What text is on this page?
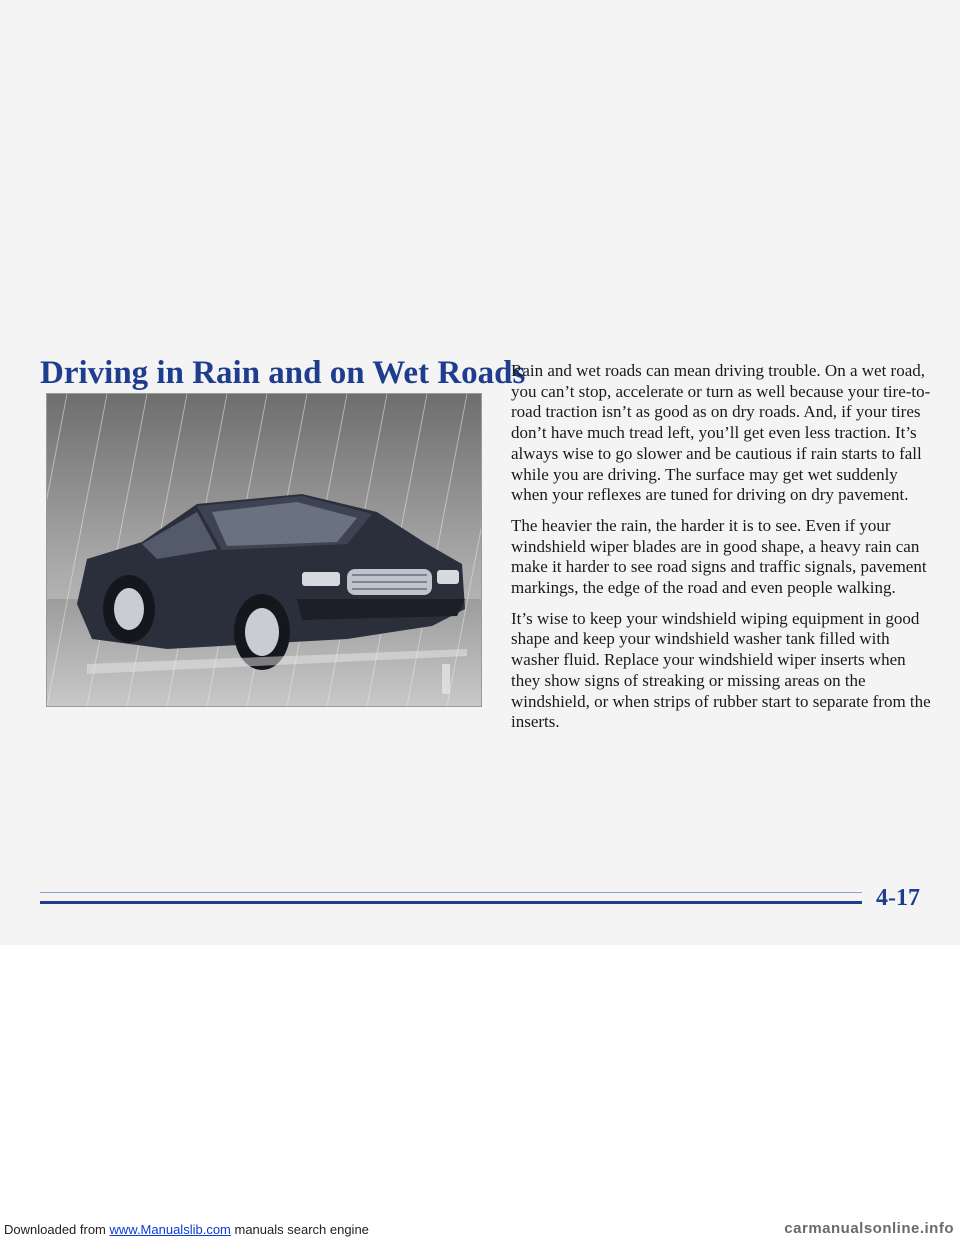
Driving in Rain and on Wet Roads

Rain and wet roads can mean driving trouble. On a wet road, you can’t stop, accelerate or turn as well because your tire-to-road traction isn’t as good as on dry roads. And, if your tires don’t have much tread left, you’ll get even less traction. It’s always wise to go slower and be cautious if rain starts to fall while you are driving. The surface may get wet suddenly when your reflexes are tuned for driving on dry pavement.

The heavier the rain, the harder it is to see. Even if your windshield wiper blades are in good shape, a heavy rain can make it harder to see road signs and traffic signals, pavement markings, the edge of the road and even people walking.

It’s wise to keep your windshield wiping equipment in good shape and keep your windshield washer tank filled with washer fluid. Replace your windshield wiper inserts when they show signs of streaking or missing areas on the windshield, or when strips of rubber start to separate from the inserts.

4-17
Downloaded from www.Manualslib.com manuals search engine	carmanualsonline.info
